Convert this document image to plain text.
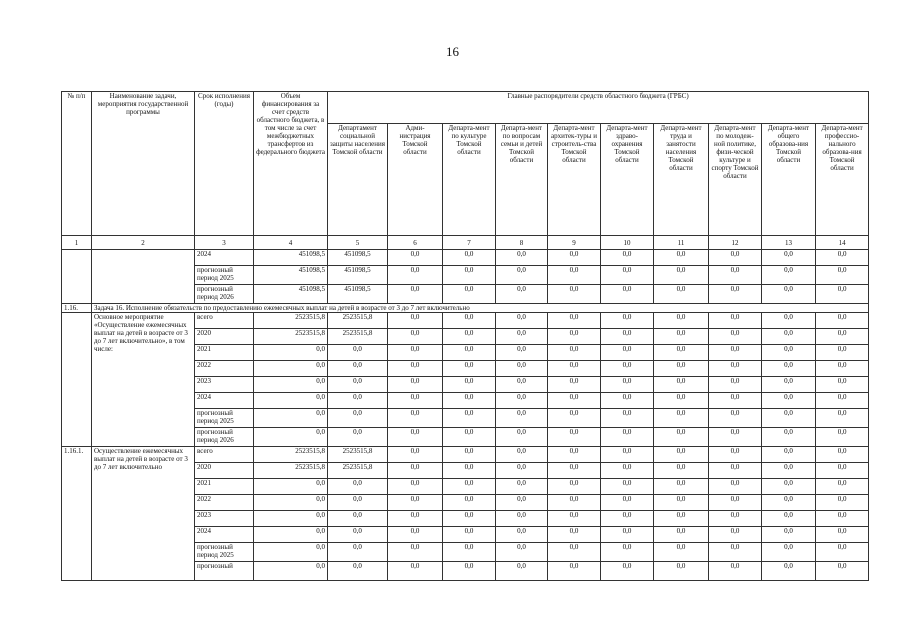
16
№ п/п	Наименование задачи, мероприятия государственной программы	Срок исполнения (годы)	Объем финансирования за счет средств областного бюджета, в том числе за счет межбюджетных трансфертов из федерального бюджета	Главные распорядители средств областного бюджета (ГРБС)									
				Департамент социальной защиты населения Томской области	Адми-нистрация Томской области	Департа-мент по культуре Томской области	Департа-мент по вопросам семьи и детей Томской области	Департа-мент архитек-туры и строитель-ства Томской области	Департа-мент здраво-охранения Томской области	Департа-мент труда и занятости населения Томской области	Департа-мент по молодеж-ной политике, физи-ческой культуре и спорту Томской области	Департа-мент общего образова-ния Томской области	Департа-мент профессио-нального образова-ния Томской области
1	2	3	4	5	6	7	8	9	10	11	12	13	14
		2024	451098,5	451098,5	0,0	0,0	0,0	0,0	0,0	0,0	0,0	0,0	0,0
		прогнозный период 2025	451098,5	451098,5	0,0	0,0	0,0	0,0	0,0	0,0	0,0	0,0	0,0
		прогнозный период 2026	451098,5	451098,5	0,0	0,0	0,0	0,0	0,0	0,0	0,0	0,0	0,0
1.16.	Задача 16. Исполнение обязательств по предоставлению ежемесячных выплат на детей в возрасте от 3 до 7 лет включительно												
	Основное мероприятие «Осуществление ежемесячных выплат на детей в возрасте от 3 до 7 лет включительно», в том числе:	всего	2523515,8	2523515,8	0,0	0,0	0,0	0,0	0,0	0,0	0,0	0,0	0,0
		2020	2523515,8	2523515,8	0,0	0,0	0,0	0,0	0,0	0,0	0,0	0,0	0,0
		2021	0,0	0,0	0,0	0,0	0,0	0,0	0,0	0,0	0,0	0,0	0,0
		2022	0,0	0,0	0,0	0,0	0,0	0,0	0,0	0,0	0,0	0,0	0,0
		2023	0,0	0,0	0,0	0,0	0,0	0,0	0,0	0,0	0,0	0,0	0,0
		2024	0,0	0,0	0,0	0,0	0,0	0,0	0,0	0,0	0,0	0,0	0,0
		прогнозный период 2025	0,0	0,0	0,0	0,0	0,0	0,0	0,0	0,0	0,0	0,0	0,0
		прогнозный период 2026	0,0	0,0	0,0	0,0	0,0	0,0	0,0	0,0	0,0	0,0	0,0
1.16.1.	Осуществление ежемесячных выплат на детей в возрасте от 3 до 7 лет включительно	всего	2523515,8	2523515,8	0,0	0,0	0,0	0,0	0,0	0,0	0,0	0,0	0,0
		2020	2523515,8	2523515,8	0,0	0,0	0,0	0,0	0,0	0,0	0,0	0,0	0,0
		2021	0,0	0,0	0,0	0,0	0,0	0,0	0,0	0,0	0,0	0,0	0,0
		2022	0,0	0,0	0,0	0,0	0,0	0,0	0,0	0,0	0,0	0,0	0,0
		2023	0,0	0,0	0,0	0,0	0,0	0,0	0,0	0,0	0,0	0,0	0,0
		2024	0,0	0,0	0,0	0,0	0,0	0,0	0,0	0,0	0,0	0,0	0,0
		прогнозный период 2025	0,0	0,0	0,0	0,0	0,0	0,0	0,0	0,0	0,0	0,0	0,0
		прогнозный	0,0	0,0	0,0	0,0	0,0	0,0	0,0	0,0	0,0	0,0	0,0
